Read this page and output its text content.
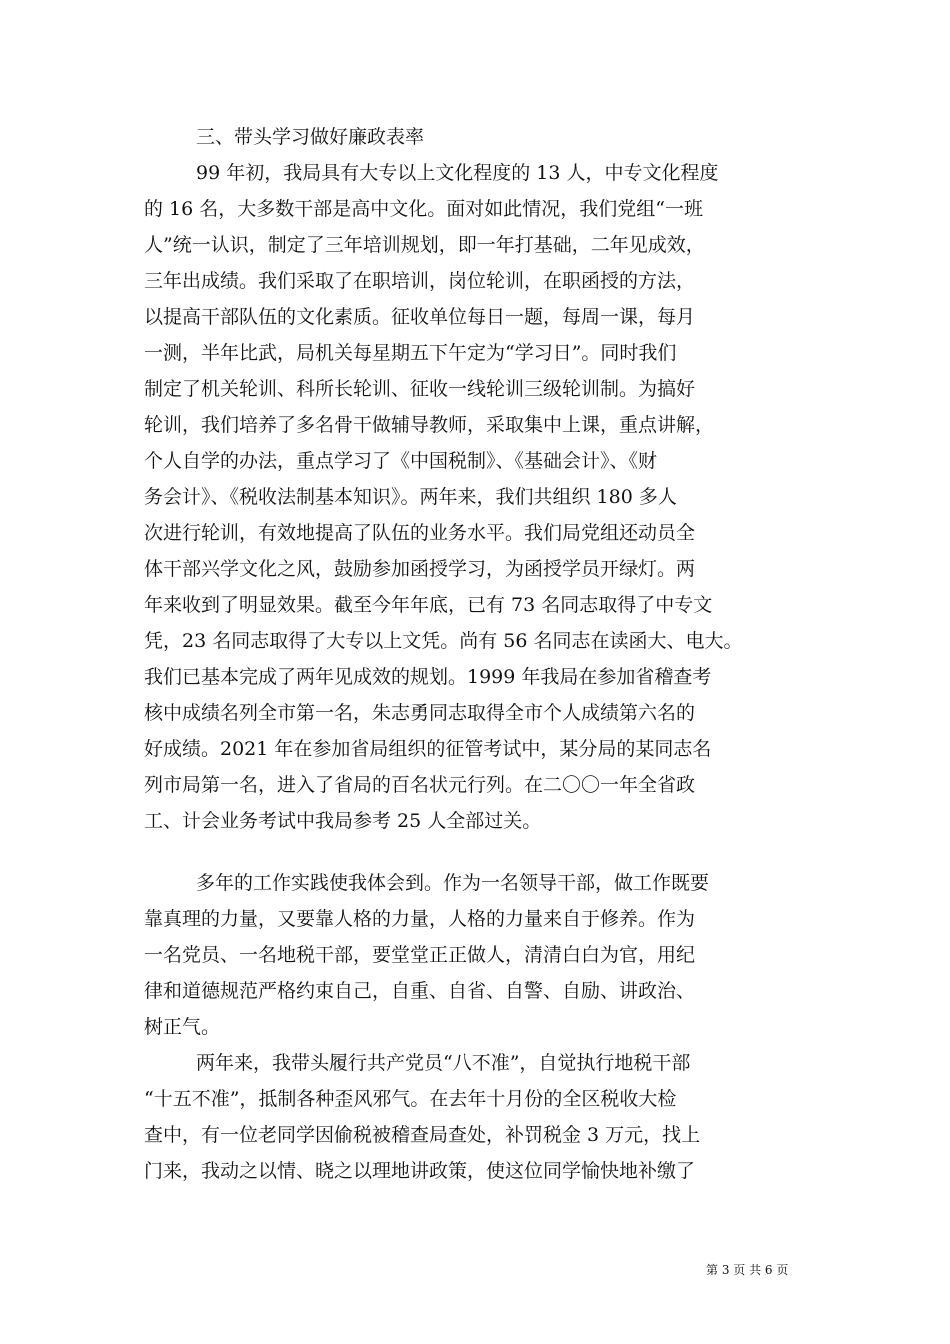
三、带头学习做好廉政表率
99 年初，我局具有大专以上文化程度的 13 人，中专文化程度
的 16 名，大多数干部是高中文化。面对如此情况，我们党组“一班
人”统一认识，制定了三年培训规划，即一年打基础，二年见成效，
三年出成绩。我们采取了在职培训，岗位轮训，在职函授的方法，
以提高干部队伍的文化素质。征收单位每日一题，每周一课，每月
一测，半年比武，局机关每星期五下午定为“学习日”。同时我们
制定了机关轮训、科所长轮训、征收一线轮训三级轮训制。为搞好
轮训，我们培养了多名骨干做辅导教师，采取集中上课，重点讲解，
个人自学的办法，重点学习了《中国税制》、《基础会计》、《财
务会计》、《税收法制基本知识》。两年来，我们共组织 180 多人
次进行轮训，有效地提高了队伍的业务水平。我们局党组还动员全
体干部兴学文化之风，鼓励参加函授学习，为函授学员开绿灯。两
年来收到了明显效果。截至今年年底，已有 73 名同志取得了中专文
凭，23 名同志取得了大专以上文凭。尚有 56 名同志在读函大、电大。
我们已基本完成了两年见成效的规划。1999 年我局在参加省稽查考
核中成绩名列全市第一名，朱志勇同志取得全市个人成绩第六名的
好成绩。2021 年在参加省局组织的征管考试中，某分局的某同志名
列市局第一名，进入了省局的百名状元行列。在二〇〇一年全省政
工、计会业务考试中我局参考 25 人全部过关。
多年的工作实践使我体会到。作为一名领导干部，做工作既要
靠真理的力量，又要靠人格的力量，人格的力量来自于修养。作为
一名党员、一名地税干部，要堂堂正正做人，清清白白为官，用纪
律和道德规范严格约束自己，自重、自省、自警、自励、讲政治、
树正气。
两年来，我带头履行共产党员“八不准”，自觉执行地税干部
“十五不准”，抵制各种歪风邪气。在去年十月份的全区税收大检
查中，有一位老同学因偷税被稽查局查处，补罚税金 3 万元，找上
门来，我动之以情、晓之以理地讲政策，使这位同学愉快地补缴了
第 3 页 共 6 页
